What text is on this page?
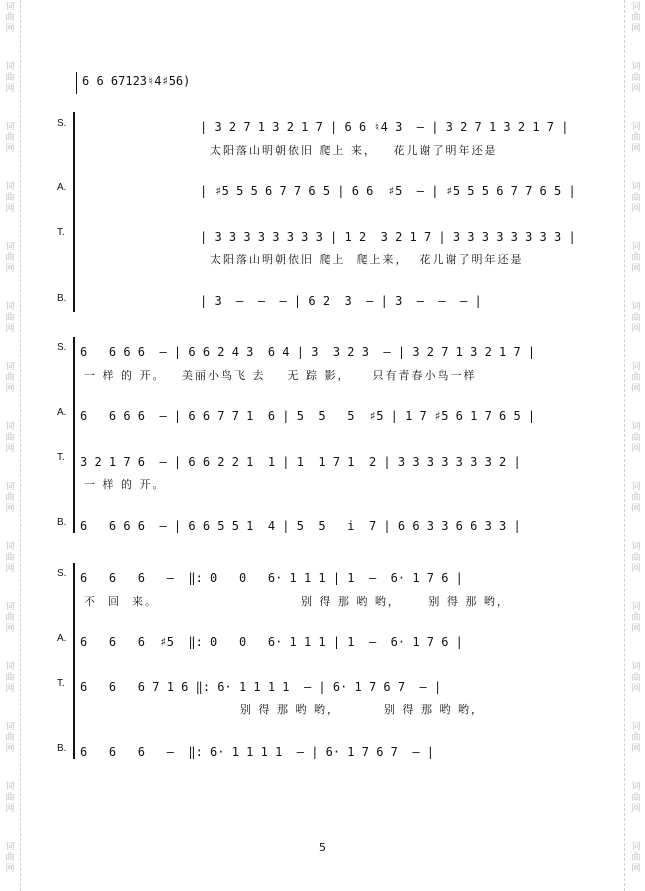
词
曲
网
词
曲
网
词
曲
网
词
曲
网
词
曲
网
词
曲
网
词
曲
网
词
曲
网
词
曲
网
词
曲
网
词
曲
网
词
曲
网
词
曲
网
词
曲
网
词
曲
网
词
曲
网
词
曲
网
词
曲
网
词
曲
网
词
曲
网
词
曲
网
词
曲
网
词
曲
网
词
曲
网
词
曲
网
词
曲
网
词
曲
网
词
曲
网
词
曲
网
词
曲
网
6 6 67123♮4♯56)
S.
A.
T.
B.
| 3 2 7 1 3 2 1 7 | 6 6 ♮4 3  — | 3 2 7 1 3 2 1 7 |
太阳落山明朝依旧 爬上 来，   花儿谢了明年还是
| ♯5 5 5 6 7 7 6 5 | 6 6  ♯5  — | ♯5 5 5 6 7 7 6 5 |
| 3 3 3 3 3 3 3 3 | 1 2  3 2 1 7 | 3 3 3 3 3 3 3 3 |
太阳落山明朝依旧 爬上  爬上来，  花儿谢了明年还是
| 3  —  —  — | 6 2  3  — | 3  —  —  — |
S.
A.
T.
B.
6   6 6 6  — | 6 6 2 4 3  6 4 | 3  3 2 3  — | 3 2 7 1 3 2 1 7 |
一 样 的 开。   美丽小鸟飞 去    无 踪 影，    只有青春小鸟一样
6   6 6 6  — | 6 6 7 7 1  6 | 5  5   5  ♯5 | 1 7 ♯5 6 1 7 6 5 |
3 2 1 7 6  — | 6 6 2 2 1  1 | 1  1 7 1  2 | 3 3 3 3 3 3 3 2 |
一 样 的 开。
6   6 6 6  — | 6 6 5 5 1  4 | 5  5   i  7 | 6 6 3 3 6 6 3 3 |
S.
A.
T.
B.
6   6   6   —  ‖: 0   0   6· 1 1 1 | 1  —  6· 1 7 6 |
不  回  来。                          别 得 那 哟 哟，     别 得 那 哟，
6   6   6  ♯5  ‖: 0   0   6· 1 1 1 | 1  —  6· 1 7 6 |
6   6   6 7 1 6 ‖: 6· 1 1 1 1  — | 6· 1 7 6 7  — |
别 得 那 哟 哟，        别 得 那 哟 哟，
6   6   6   —  ‖: 6· 1 1 1 1  — | 6· 1 7 6 7  — |
5
